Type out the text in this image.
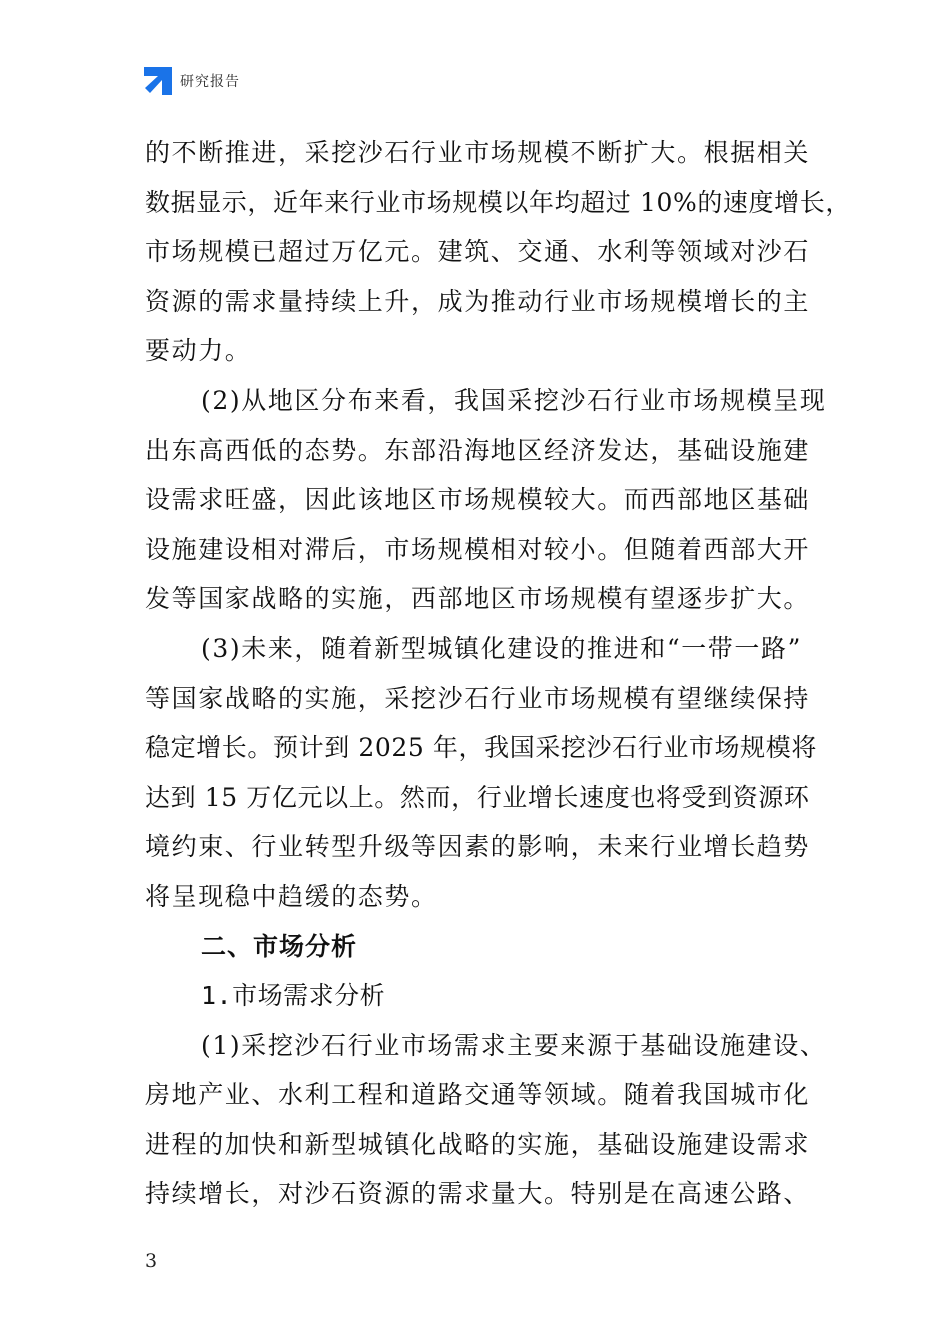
研究报告
的不断推进，采挖沙石行业市场规模不断扩大。根据相关
数据显示，近年来行业市场规模以年均超过 10%的速度增长，
市场规模已超过万亿元。建筑、交通、水利等领域对沙石
资源的需求量持续上升，成为推动行业市场规模增长的主
要动力。
(2)从地区分布来看，我国采挖沙石行业市场规模呈现
出东高西低的态势。东部沿海地区经济发达，基础设施建
设需求旺盛，因此该地区市场规模较大。而西部地区基础
设施建设相对滞后，市场规模相对较小。但随着西部大开
发等国家战略的实施，西部地区市场规模有望逐步扩大。
(3)未来，随着新型城镇化建设的推进和“一带一路”
等国家战略的实施，采挖沙石行业市场规模有望继续保持
稳定增长。预计到 2025 年，我国采挖沙石行业市场规模将
达到 15 万亿元以上。然而，行业增长速度也将受到资源环
境约束、行业转型升级等因素的影响，未来行业增长趋势
将呈现稳中趋缓的态势。
二、市场分析
1.市场需求分析
(1)采挖沙石行业市场需求主要来源于基础设施建设、
房地产业、水利工程和道路交通等领域。随着我国城市化
进程的加快和新型城镇化战略的实施，基础设施建设需求
持续增长，对沙石资源的需求量大。特别是在高速公路、
3
